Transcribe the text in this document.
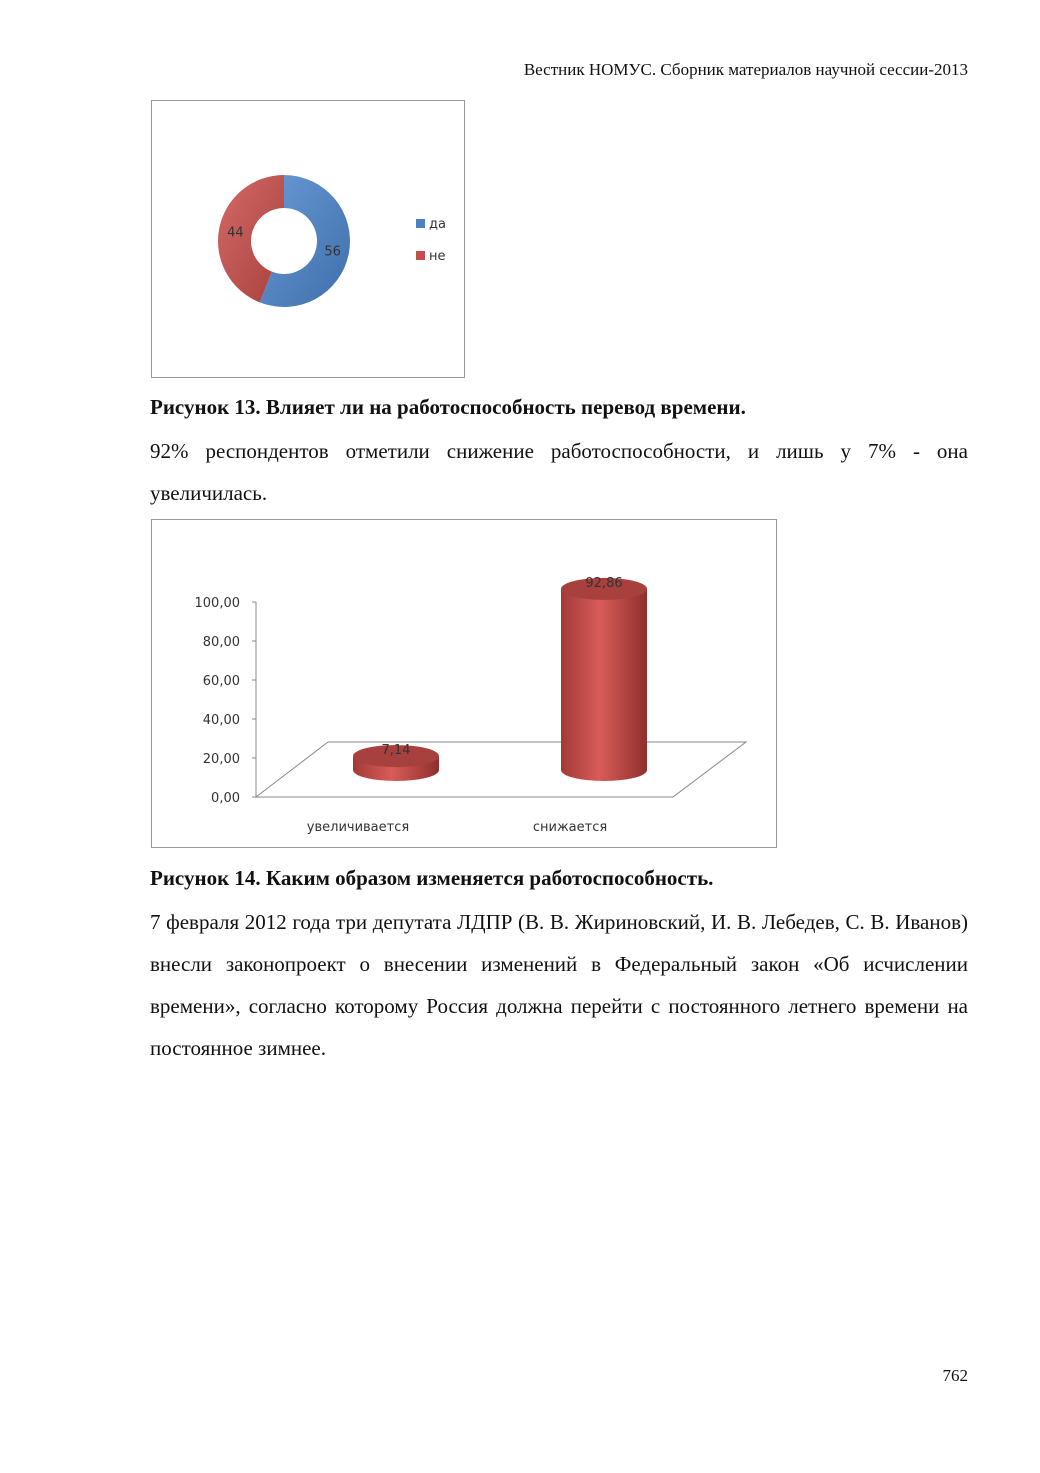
Вестник НОМУС. Сборник материалов научной сессии-2013
56
44
да
не
Рисунок 13. Влияет ли на работоспособность перевод времени.
92% респондентов отметили снижение работоспособности, и лишь у 7% - она увеличилась.
0,00
20,00
40,00
60,00
80,00
100,00
7,14
92,86
увеличивается	снижается
Рисунок 14. Каким образом изменяется работоспособность.
7 февраля 2012 года три депутата ЛДПР (В. В. Жириновский, И. В. Лебедев, С. В. Иванов) внесли законопроект о внесении изменений в Федеральный закон «Об исчислении времени», согласно которому Россия должна перейти с постоянного летнего времени на постоянное зимнее.
762
